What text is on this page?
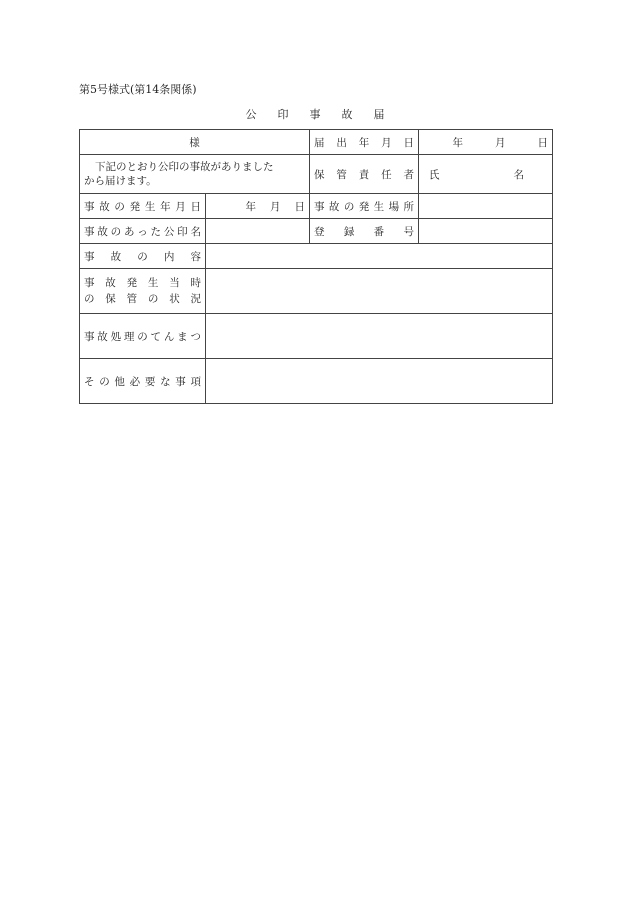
第5号様式(第14条関係)
公印事故届
様		届出年月日	年 月 日

下記のとおり公印の事故がありました
から届けます。		保管責任者	氏 名

事故の発生年月日	年 月 日	事故の発生場所	
事故のあった公印名		登録番号	
事故の内容			

事故発生当時
の保管の状況			

事故処理のてんまつ			
その他必要な事項			
